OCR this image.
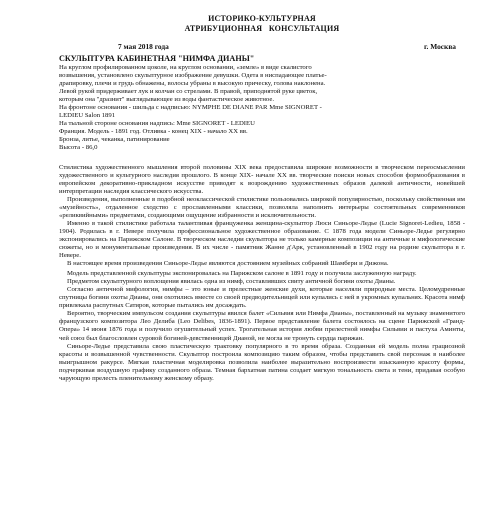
ИСТОРИКО-КУЛЬТУРНАЯ
АТРИБУЦИОННАЯ   КОНСУЛЬТАЦИЯ
7 мая 2018 года	г. Москва
СКУЛЬПТУРА КАБИНЕТНАЯ "НИМФА ДИАНЫ"

На круглом профилированном цоколе, на круглом основании, «земле» в виде скалистого

возвышения, установлено скульптурное изображение девушки. Одета в ниспадающее платье-

драпировку, плечи и грудь обнажены, волосы убраны в высокую прическу, голова наклонена.

Левой рукой придерживает лук и колчан со стрелами. В правой, приподнятой руке цветок,

которым она "дразнит" выглядывающее из воды фантастическое животное.

На фронтоне основания - шильда с надписью: NYMPHE DE DIANE PAR Mme SIGNORET -

LEDIEU Salon 1891

На тыльной стороне основания надпись: Mme SIGNORET - LEDIEU

Франция. Модель - 1891 год. Отливка - конец XIX - начало XX вв.

Бронза, литье, чеканка, патинирование

Высота - 86,0

Стилистика художественного мышления второй половины XIX века предоставила широкие возможности в творческом переосмыслении художественного и культурного наследия прошлого. В конце XIX- начале XX вв. творческие поиски новых способов формообразования в европейском декоративно-прикладном искусстве приводят к возрождению художественных образов далекой античности, новейшей интерпретации наследия классического искусства.

Произведения, выполненные в подобной неоклассической стилистике пользовались широкой популярностью, поскольку свойственная им «музейность», отдаленное сходство с прославленными классики, позволяла наполнить интерьеры состоятельных современников «реликвийными» предметами, создающими ощущение избранности и исключительности.

Именно в такой стилистике работала талантливая француженка женщина-скульптор Люси Синьоре-Ледье (Lucie Signoret-Ledieu, 1858 - 1904). Родилась в г. Невере получила профессиональное художественное образование. С 1878 года модели Синьоре-Ледье регулярно экспонировались на Парижском Салоне. В творческом наследии скульптора не только камерные композиции на античные и мифологические сюжеты, но и монументальные произведения. В их числе - памятник Жанне д'Арк, установленный в 1902 году на родине скульптора в г. Невере.

В настоящее время произведения Синьоре-Ледье являются достоянием музейных собраний Шамбери и Дижона.

Модель представленной скульптуры экспонировалась на Парижском салоне в 1891 году и получила заслуженную награду.

Предметом скульптурного воплощения явилась одна из нимф, составлявших свиту античной богини охоты Дианы.

Согласно античной мифологии, нимфы – это юные и прелестные женские духи, которые населяли природные места. Целомудренные спутницы богини охоты Дианы, они охотились вместе со своей предводительницей или купались с ней в укромных купальнях. Красота нимф привлекала распутных Сатиров, которые пытались им досаждать.

Вероятно, творческим импульсом создания скульптуры явился балет «Сильвия или Нимфа Дианы», поставленный на музыку знаменитого французского композитора Лео Делиба (Leo Delibes, 1836-1891). Первое представление балета состоялось на сцене Парижской «Гранд-Опера» 14 июня 1876 года и получило огушительный успех. Трогательная история любви прелестной нимфы Сильвии и пастуха Аминты, чей союз был благословлен суровой богиней-девственницей Дианой, не могла не тронуть сердца парижан.

Синьоре-Ледье представила свою пластическую трактовку популярного в то время образа. Созданная ей модель полна грациозной красоты и возвышенной чувственности. Скульптор построила композицию таким образом, чтобы представить свой персонаж в наиболее выигрышном ракурсе. Мягкая пластичная моделировка позволила наиболее выразительно воспроизвести изысканную красоту формы, подчеркивая воздушную графику созданного образа. Темная бархатная патина создает мягкую тональность света и тени, придавая особую чарующую прелесть пленительному женскому образу.
